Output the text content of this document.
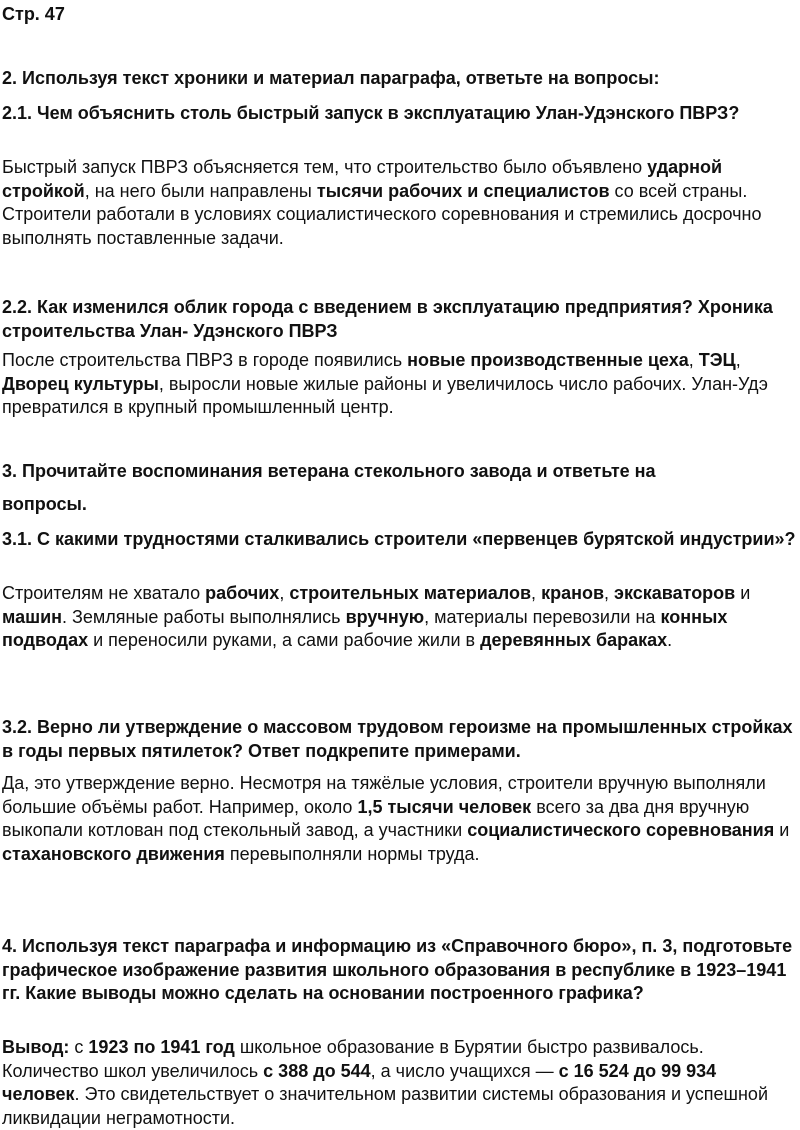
Стр. 47
2. Используя текст хроники и материал параграфа, ответьте на вопросы:
2.1. Чем объяснить столь быстрый запуск в эксплуатацию Улан-Удэнского ПВРЗ?
Быстрый запуск ПВРЗ объясняется тем, что строительство было объявлено ударной стройкой, на него были направлены тысячи рабочих и специалистов со всей страны. Строители работали в условиях социалистического соревнования и стремились досрочно выполнять поставленные задачи.
2.2. Как изменился облик города с введением в эксплуатацию предприятия? Хроника строительства Улан- Удэнского ПВРЗ
После строительства ПВРЗ в городе появились новые производственные цеха, ТЭЦ, Дворец культуры, выросли новые жилые районы и увеличилось число рабочих. Улан-Удэ превратился в крупный промышленный центр.
3. Прочитайте воспоминания ветерана стекольного завода и ответьте на
вопросы.
3.1. С какими трудностями сталкивались строители «первенцев бурятской индустрии»?
Строителям не хватало рабочих, строительных материалов, кранов, экскаваторов и машин. Земляные работы выполнялись вручную, материалы перевозили на конных подводах и переносили руками, а сами рабочие жили в деревянных бараках.
3.2. Верно ли утверждение о массовом трудовом героизме на промышленных стройках в годы первых пятилеток? Ответ подкрепите примерами.
Да, это утверждение верно. Несмотря на тяжёлые условия, строители вручную выполняли большие объёмы работ. Например, около 1,5 тысячи человек всего за два дня вручную выкопали котлован под стекольный завод, а участники социалистического соревнования и стахановского движения перевыполняли нормы труда.
4. Используя текст параграфа и информацию из «Справочного бюро», п. 3, подготовьте графическое изображение развития школьного образования в республике в 1923–1941 гг. Какие выводы можно сделать на основании построенного графика?
Вывод: с 1923 по 1941 год школьное образование в Бурятии быстро развивалось. Количество школ увеличилось с 388 до 544, а число учащихся — с 16 524 до 99 934 человек. Это свидетельствует о значительном развитии системы образования и успешной ликвидации неграмотности.
